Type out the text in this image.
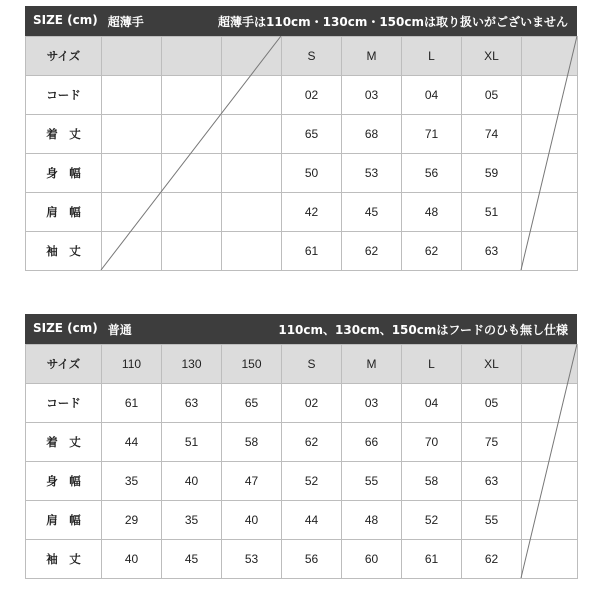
SIZE (cm) 超薄手	超薄手は110cm・130cm・150cmは取り扱いがございません
サイズ				S	M	L	XL	
コード				02	03	04	05	
着　丈				65	68	71	74	
身　幅				50	53	56	59	
肩　幅				42	45	48	51	
袖　丈				61	62	62	63	
SIZE (cm) 普通	110cm、130cm、150cmはフードのひも無し仕様
サイズ	110	130	150	S	M	L	XL	
コード	61	63	65	02	03	04	05	
着　丈	44	51	58	62	66	70	75	
身　幅	35	40	47	52	55	58	63	
肩　幅	29	35	40	44	48	52	55	
袖　丈	40	45	53	56	60	61	62	
